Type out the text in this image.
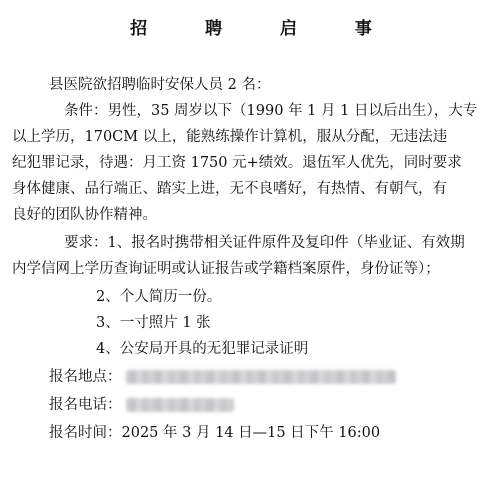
招 聘 启 事
县医院欲招聘临时安保人员 2 名：
条件：男性，35 周岁以下（1990 年 1 月 1 日以后出生），大专
以上学历，170CM 以上，能熟练操作计算机，服从分配，无违法违
纪犯罪记录，待遇：月工资 1750 元+绩效。退伍军人优先，同时要求
身体健康、品行端正、踏实上进，无不良嗜好，有热情、有朝气，有
良好的团队协作精神。
要求：1、报名时携带相关证件原件及复印件（毕业证、有效期
内学信网上学历查询证明或认证报告或学籍档案原件，身份证等）；
2、个人简历一份。
3、一寸照片 1 张
4、公安局开具的无犯罪记录证明
报名地点：
报名电话：
报名时间：2025 年 3 月 14 日—15 日下午 16:00
